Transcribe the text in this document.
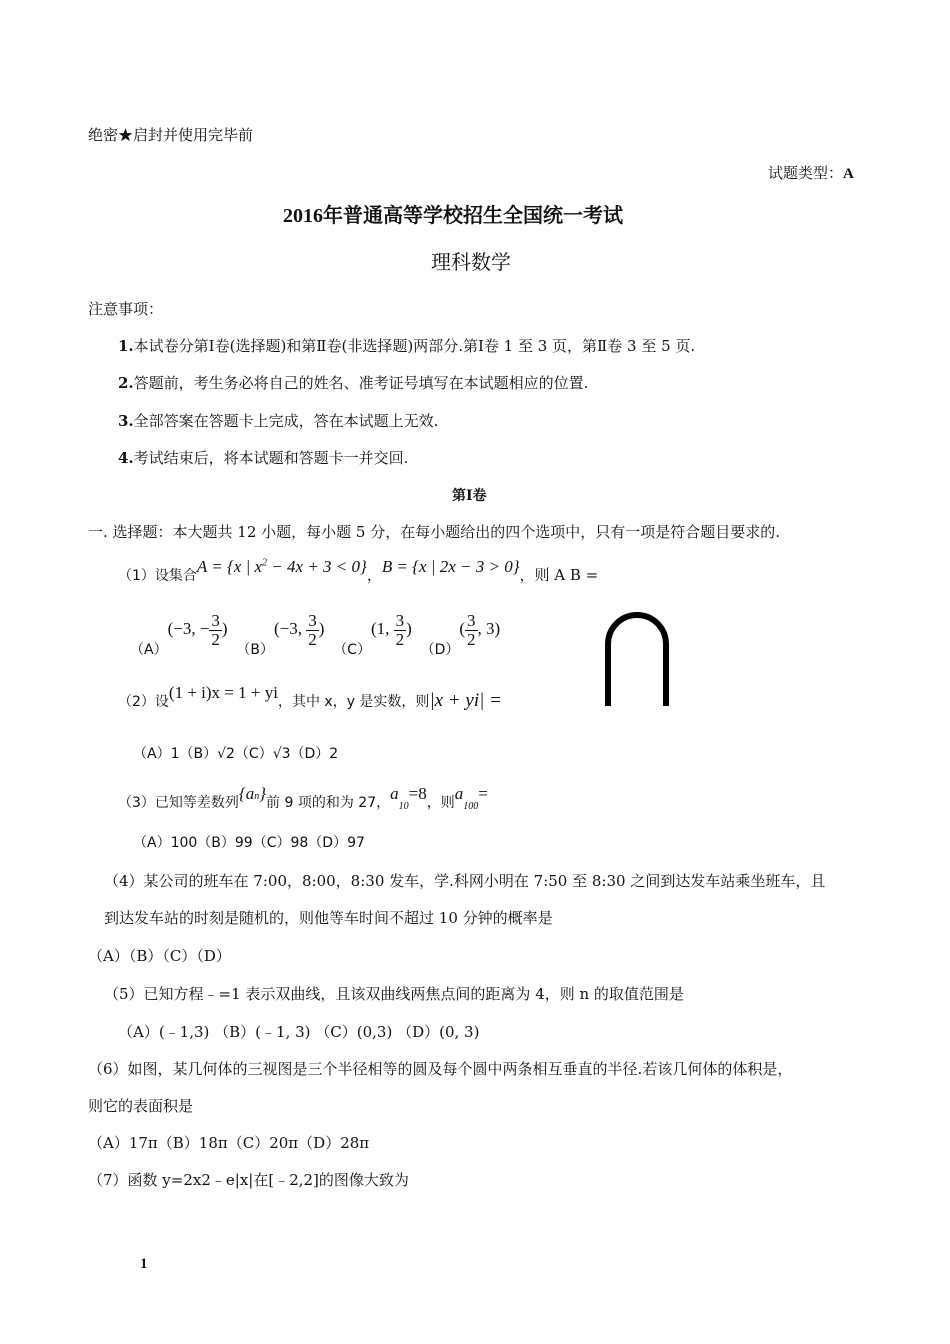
绝密★启封并使用完毕前
试题类型：A
2016年普通高等学校招生全国统一考试
理科数学
注意事项：
1.本试卷分第Ⅰ卷(选择题)和第Ⅱ卷(非选择题)两部分.第Ⅰ卷 1 至 3 页，第Ⅱ卷 3 至 5 页.
2.答题前，考生务必将自己的姓名、准考证号填写在本试题相应的位置.
3.全部答案在答题卡上完成，答在本试题上无效.
4.考试结束后，将本试题和答题卡一并交回.
第Ⅰ卷
一. 选择题：本大题共 12 小题，每小题 5 分，在每小题给出的四个选项中，只有一项是符合题目要求的.
（1）设集合A = {x | $x^2 - 4x + 3 < 0$}，B = {x | 2x − 3 > 0}，则 A B =
（A）(−3, − $\frac{3}{2}$ ) （B）(−3, $\frac{3}{2}$ ) （C）(1, $\frac{3}{2}$ ) $(D)( \frac{3}{2}$ , 3)
（2）设(1 + i)x = 1 + yi，其中 x，y 是实数，则|x + yi| =
（A）1（B）√2（C）√3（D）2
（3）已知等差数列{an}前 9 项的和为 27，$a_{10}=8$，则$a_{100}=$
（A）100（B）99（C）98（D）97
（4）某公司的班车在 7:00，8:00，8:30 发车，学.科网小明在 7:50 至 8:30 之间到达发车站乘坐班车，且
到达发车站的时刻是随机的，则他等车时间不超过 10 分钟的概率是
（A）（B）（C）（D）
（5）已知方程﹣=1 表示双曲线，且该双曲线两焦点间的距离为 4，则 n 的取值范围是
（A）(﹣1,3) （B）(﹣1, 3) （C）(0,3) （D）(0, 3)
（6）如图，某几何体的三视图是三个半径相等的圆及每个圆中两条相互垂直的半径.若该几何体的体积是，
则它的表面积是
（A）17π（B）18π（C）20π（D）28π
（7）函数 y=2x2﹣e|x|在[﹣2,2]的图像大致为
1
